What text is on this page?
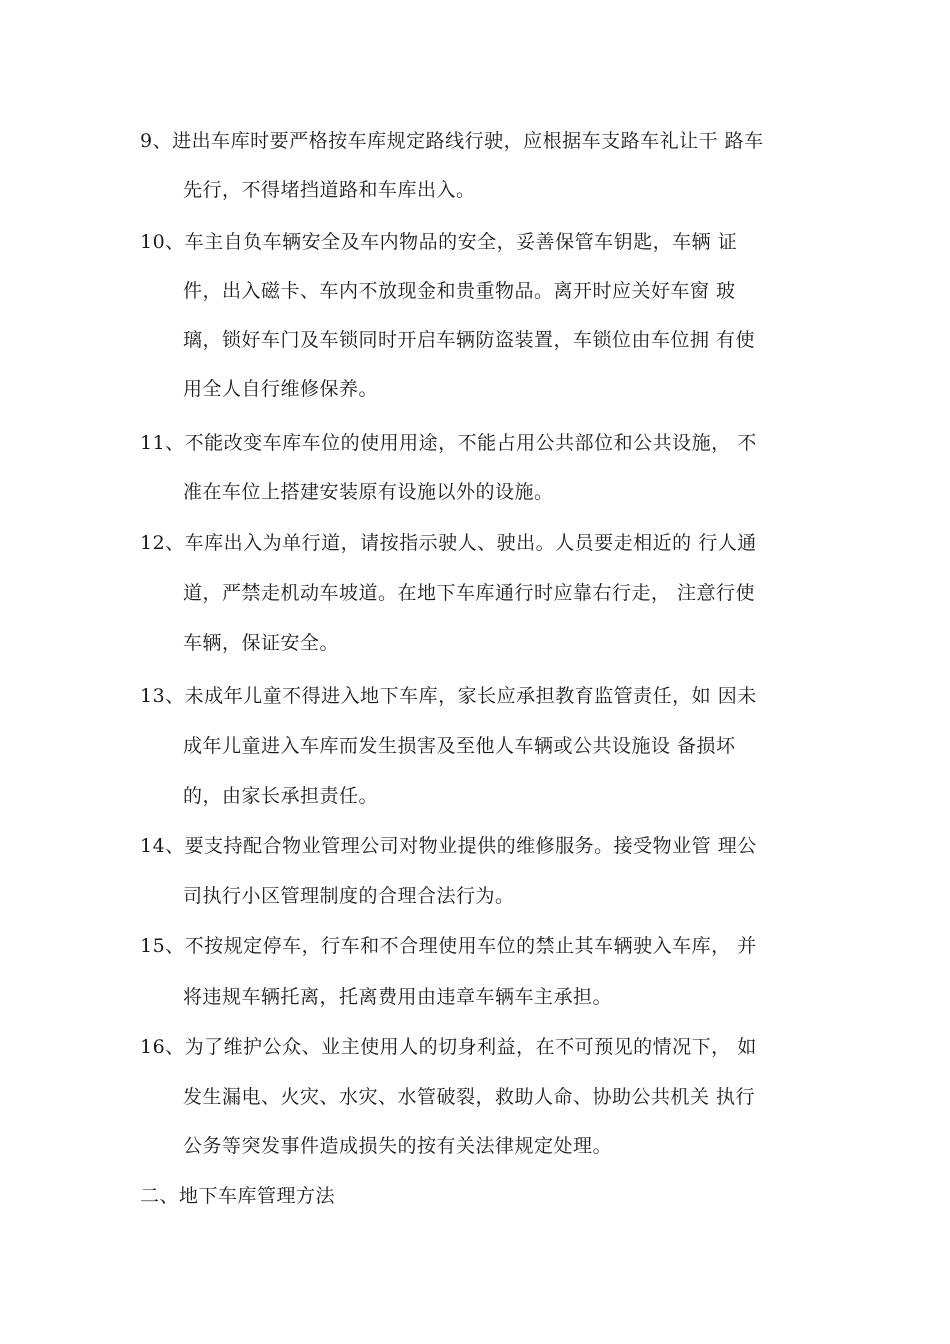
9、进出车库时要严格按车库规定路线行驶，应根据车支路车礼让干 路车
先行，不得堵挡道路和车库出入。
10、车主自负车辆安全及车内物品的安全，妥善保管车钥匙，车辆 证
件，出入磁卡、车内不放现金和贵重物品。离开时应关好车窗 玻
璃，锁好车门及车锁同时开启车辆防盗装置，车锁位由车位拥 有使
用全人自行维修保养。
11、不能改变车库车位的使用用途，不能占用公共部位和公共设施， 不
准在车位上搭建安装原有设施以外的设施。
12、车库出入为单行道，请按指示驶人、驶出。人员要走相近的 行人通
道，严禁走机动车坡道。在地下车库通行时应靠右行走， 注意行使
车辆，保证安全。
13、未成年儿童不得进入地下车库，家长应承担教育监管责任，如 因未
成年儿童进入车库而发生损害及至他人车辆或公共设施设 备损坏
的，由家长承担责任。
14、要支持配合物业管理公司对物业提供的维修服务。接受物业管 理公
司执行小区管理制度的合理合法行为。
15、不按规定停车，行车和不合理使用车位的禁止其车辆驶入车库， 并
将违规车辆托离，托离费用由违章车辆车主承担。
16、为了维护公众、业主使用人的切身利益，在不可预见的情况下， 如
发生漏电、火灾、水灾、水管破裂，救助人命、协助公共机关 执行
公务等突发事件造成损失的按有关法律规定处理。
二、地下车库管理方法
